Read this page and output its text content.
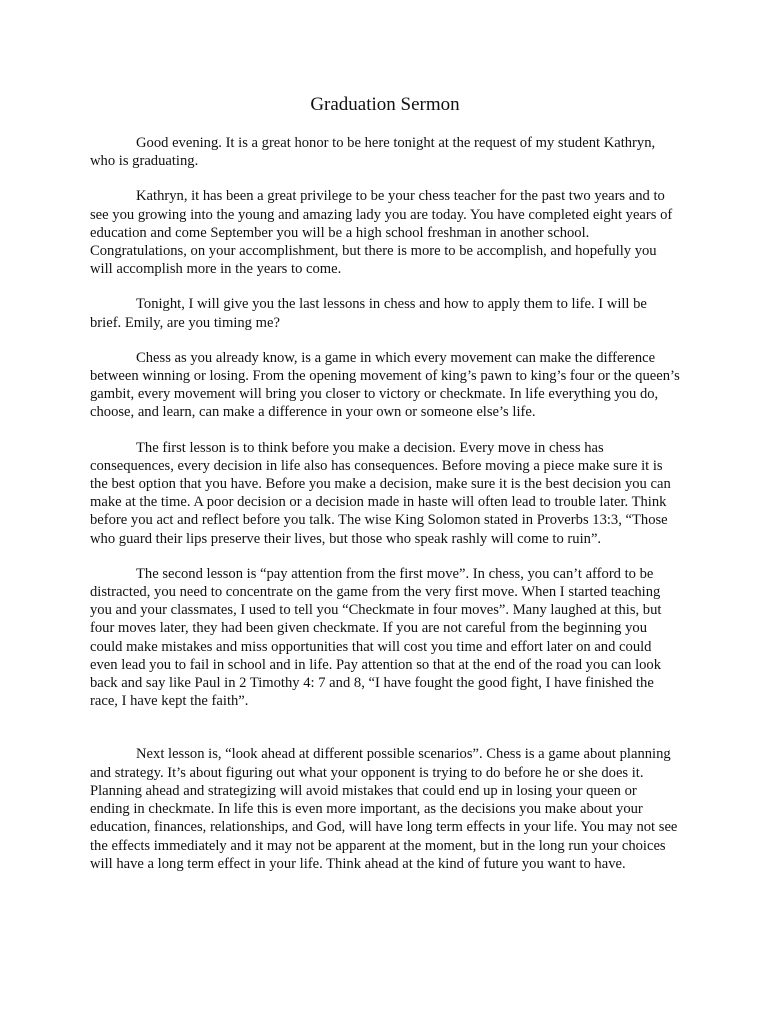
Graduation Sermon

Good evening. It is a great honor to be here tonight at the request of my student Kathryn, who is graduating.

Kathryn, it has been a great privilege to be your chess teacher for the past two years and to see you growing into the young and amazing lady you are today. You have completed eight years of education and come September you will be a high school freshman in another school. Congratulations, on your accomplishment, but there is more to be accomplish, and hopefully you will accomplish more in the years to come.

Tonight, I will give you the last lessons in chess and how to apply them to life. I will be brief. Emily, are you timing me?

Chess as you already know, is a game in which every movement can make the difference between winning or losing. From the opening movement of king’s pawn to king’s four or the queen’s gambit, every movement will bring you closer to victory or checkmate. In life everything you do, choose, and learn, can make a difference in your own or someone else’s life.

The first lesson is to think before you make a decision. Every move in chess has consequences, every decision in life also has consequences. Before moving a piece make sure it is the best option that you have. Before you make a decision, make sure it is the best decision you can make at the time. A poor decision or a decision made in haste will often lead to trouble later. Think before you act and reflect before you talk. The wise King Solomon stated in Proverbs 13:3, “Those who guard their lips preserve their lives, but those who speak rashly will come to ruin”.

The second lesson is “pay attention from the first move”. In chess, you can’t afford to be distracted, you need to concentrate on the game from the very first move. When I started teaching you and your classmates, I used to tell you “Checkmate in four moves”. Many laughed at this, but four moves later, they had been given checkmate. If you are not careful from the beginning you could make mistakes and miss opportunities that will cost you time and effort later on and could even lead you to fail in school and in life. Pay attention so that at the end of the road you can look back and say like Paul in 2 Timothy 4: 7 and 8, “I have fought the good fight, I have finished the race, I have kept the faith”.

Next lesson is, “look ahead at different possible scenarios”. Chess is a game about planning and strategy. It’s about figuring out what your opponent is trying to do before he or she does it. Planning ahead and strategizing will avoid mistakes that could end up in losing your queen or ending in checkmate. In life this is even more important, as the decisions you make about your education, finances, relationships, and God, will have long term effects in your life. You may not see the effects immediately and it may not be apparent at the moment, but in the long run your choices will have a long term effect in your life. Think ahead at the kind of future you want to have.
